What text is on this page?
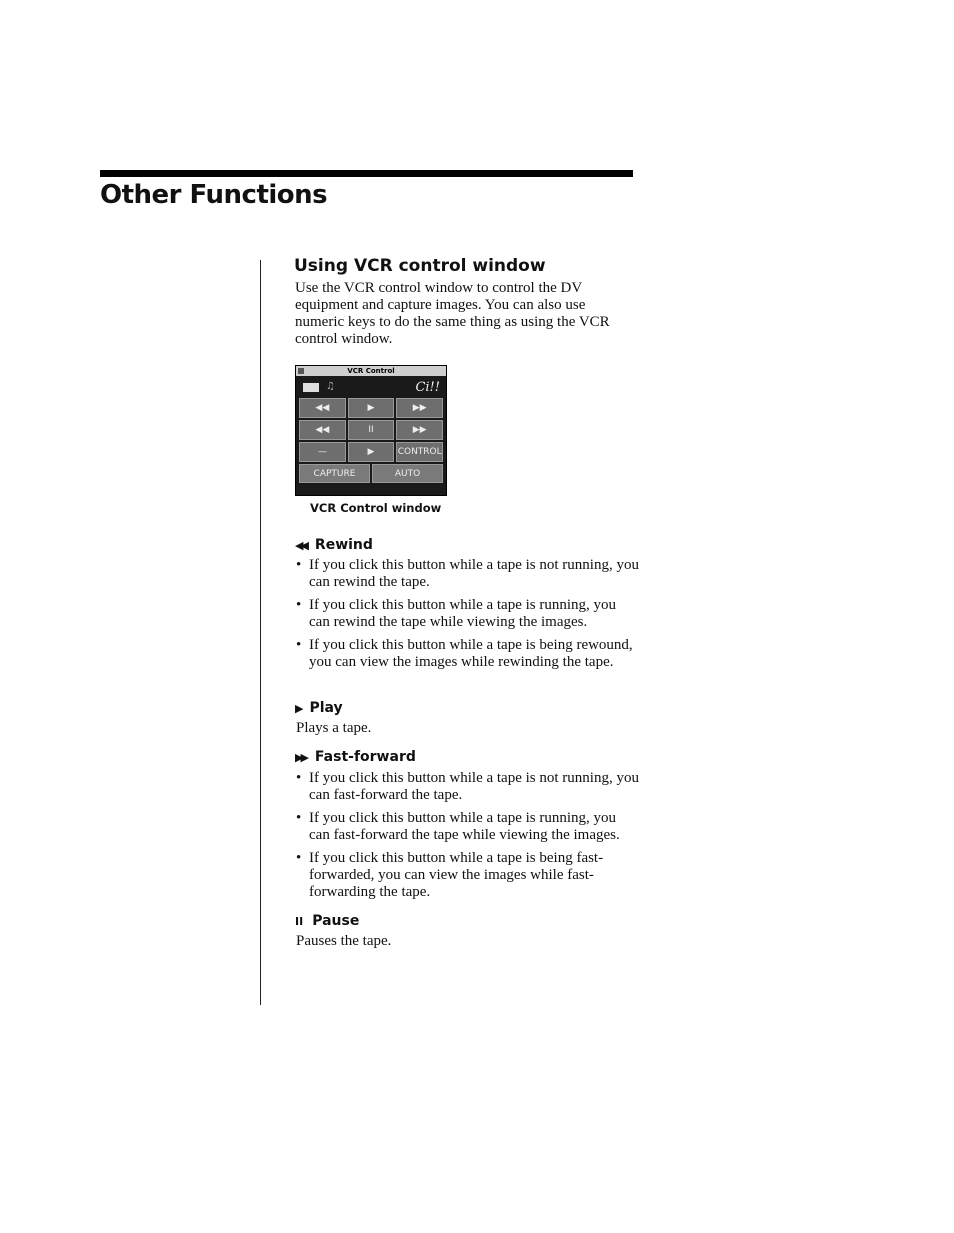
Other Functions
Using VCR control window

Use the VCR control window to control the DV equipment and capture images. You can also use numeric keys to do the same thing as using the VCR control window.

VCR Control
♫	Ci!!
◀◀	▶	▶▶
◀◀	II	▶▶
—	▶	CONTROL
CAPTURE	AUTO
VCR Control window
◀◀ Rewind
• If you click this button while a tape is not running, you can rewind the tape.
• If you click this button while a tape is running, you can rewind the tape while viewing the images.
• If you click this button while a tape is being rewound, you can view the images while rewinding the tape.
▶ Play

Plays a tape.

▶▶ Fast-forward
• If you click this button while a tape is not running, you can fast-forward the tape.
• If you click this button while a tape is running, you can fast-forward the tape while viewing the images.
• If you click this button while a tape is being fast-forwarded, you can view the images while fast-forwarding the tape.
II Pause

Pauses the tape.
